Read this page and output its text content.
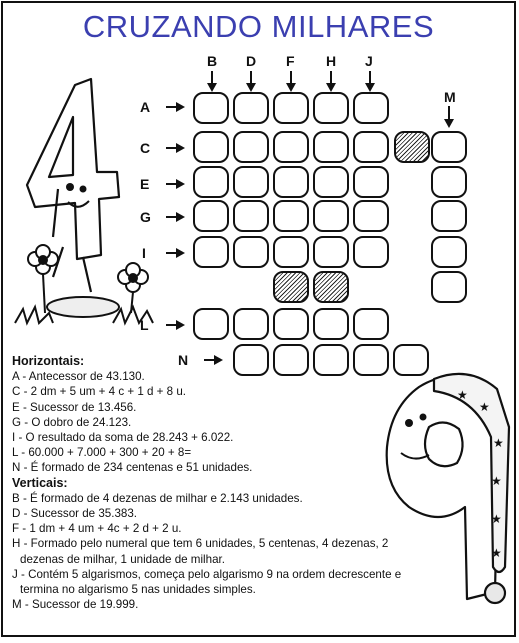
CRUZANDO MILHARES
B D F H J
M
A
C
E
G
I
L
N
★
★
★
★
★
★
Horizontais:
A - Antecessor de 43.130.
C - 2 dm + 5 um + 4 c + 1 d + 8 u.
E - Sucessor de 13.456.
G - O dobro de 24.123.
I - O resultado da soma de 28.243 + 6.022.
L - 60.000 + 7.000 + 300 + 20 + 8=
N - É formado de 234 centenas e 51 unidades.
Verticais:
B - É formado de 4 dezenas de milhar e 2.143 unidades.
D - Sucessor de 35.383.
F - 1 dm + 4 um + 4c + 2 d + 2 u.
H - Formado pelo numeral que tem 6 unidades, 5 centenas, 4 dezenas, 2
dezenas de milhar, 1 unidade de milhar.
J - Contém 5 algarismos, começa pelo algarismo 9 na ordem decrescente e
termina no algarismo 5 nas unidades simples.
M - Sucessor de 19.999.
